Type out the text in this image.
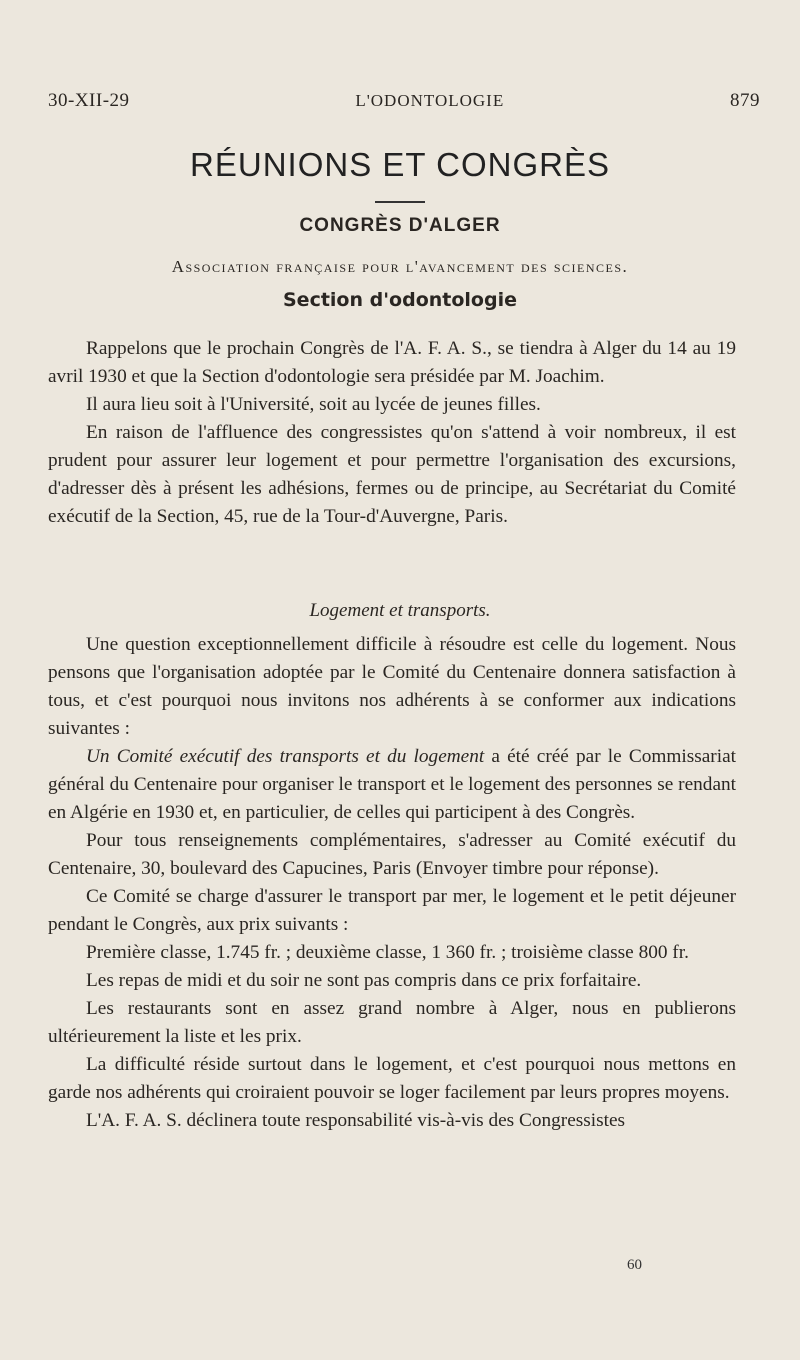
30-XII-29	L'ODONTOLOGIE	879
RÉUNIONS ET CONGRÈS
CONGRÈS D'ALGER
Association française pour l'avancement des sciences.
Section d'odontologie

Rappelons que le prochain Congrès de l'A. F. A. S., se tiendra à Alger du 14 au 19 avril 1930 et que la Section d'odontologie sera présidée par M. Joachim.

Il aura lieu soit à l'Université, soit au lycée de jeunes filles.

En raison de l'affluence des congressistes qu'on s'attend à voir nombreux, il est prudent pour assurer leur logement et pour permettre l'organisation des excursions, d'adresser dès à présent les adhésions, fermes ou de principe, au Secrétariat du Comité exécutif de la Section, 45, rue de la Tour-d'Auvergne, Paris.

Logement et transports.

Une question exceptionnellement difficile à résoudre est celle du logement. Nous pensons que l'organisation adoptée par le Comité du Centenaire donnera satisfaction à tous, et c'est pourquoi nous invitons nos adhérents à se conformer aux indications suivantes :

Un Comité exécutif des transports et du logement a été créé par le Commissariat général du Centenaire pour organiser le transport et le logement des personnes se rendant en Algérie en 1930 et, en particulier, de celles qui participent à des Congrès.

Pour tous renseignements complémentaires, s'adresser au Comité exécutif du Centenaire, 30, boulevard des Capucines, Paris (Envoyer timbre pour réponse).

Ce Comité se charge d'assurer le transport par mer, le logement et le petit déjeuner pendant le Congrès, aux prix suivants :

Première classe, 1.745 fr. ; deuxième classe, 1 360 fr. ; troisième classe 800 fr.

Les repas de midi et du soir ne sont pas compris dans ce prix forfaitaire.

Les restaurants sont en assez grand nombre à Alger, nous en publierons ultérieurement la liste et les prix.

La difficulté réside surtout dans le logement, et c'est pourquoi nous mettons en garde nos adhérents qui croiraient pouvoir se loger facilement par leurs propres moyens.

L'A. F. A. S. déclinera toute responsabilité vis-à-vis des Congressistes

60
